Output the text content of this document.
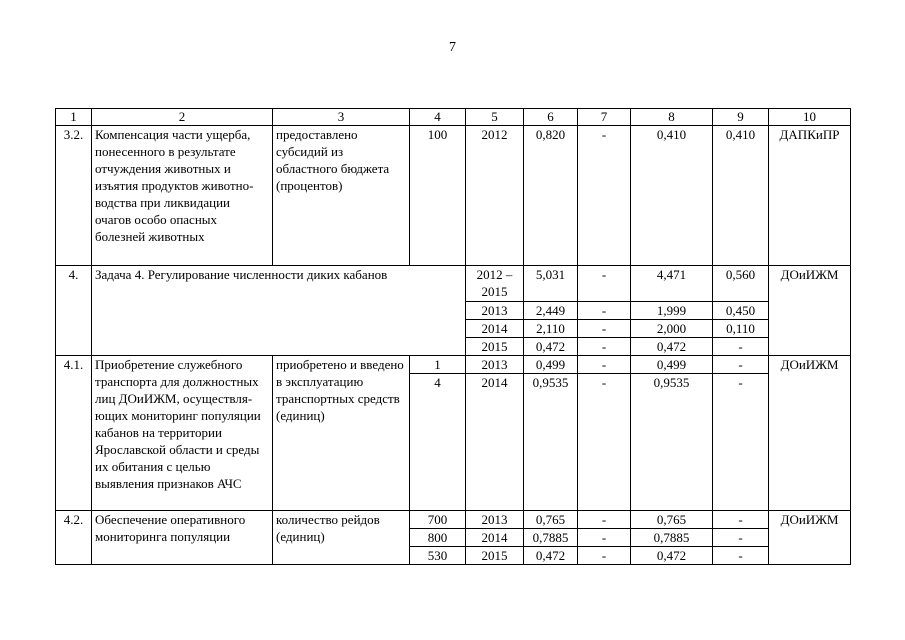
7
1	2	3	4	5	6	7	8	9	10
3.2.	Компенсация части ущерба, понесенного в результате отчуждения животных и изъятия продуктов животно-водства при ликвидации очагов особо опасных болезней животных	предоставлено субсидий из областного бюджета (процентов)	100	2012	0,820	-	0,410	0,410	ДАПКиПР
4.	Задача 4. Регулирование численности диких кабанов			2012 – 2015	5,031	-	4,471	0,560	ДОиИЖМ
				2013	2,449	-	1,999	0,450	
				2014	2,110	-	2,000	0,110	
				2015	0,472	-	0,472	-	
4.1.	Приобретение служебного транспорта для должностных лиц ДОиИЖМ, осуществля-ющих мониторинг популяции кабанов на территории Ярославской области и среды их обитания с целью выявления признаков АЧС	приобретено и введено в эксплуатацию транспортных средств (единиц)	1	2013	0,499	-	0,499	-	ДОиИЖМ
			4	2014	0,9535	-	0,9535	-	
4.2.	Обеспечение оперативного мониторинга популяции	количество рейдов (единиц)	700	2013	0,765	-	0,765	-	ДОиИЖМ
			800	2014	0,7885	-	0,7885	-	
			530	2015	0,472	-	0,472	-	
